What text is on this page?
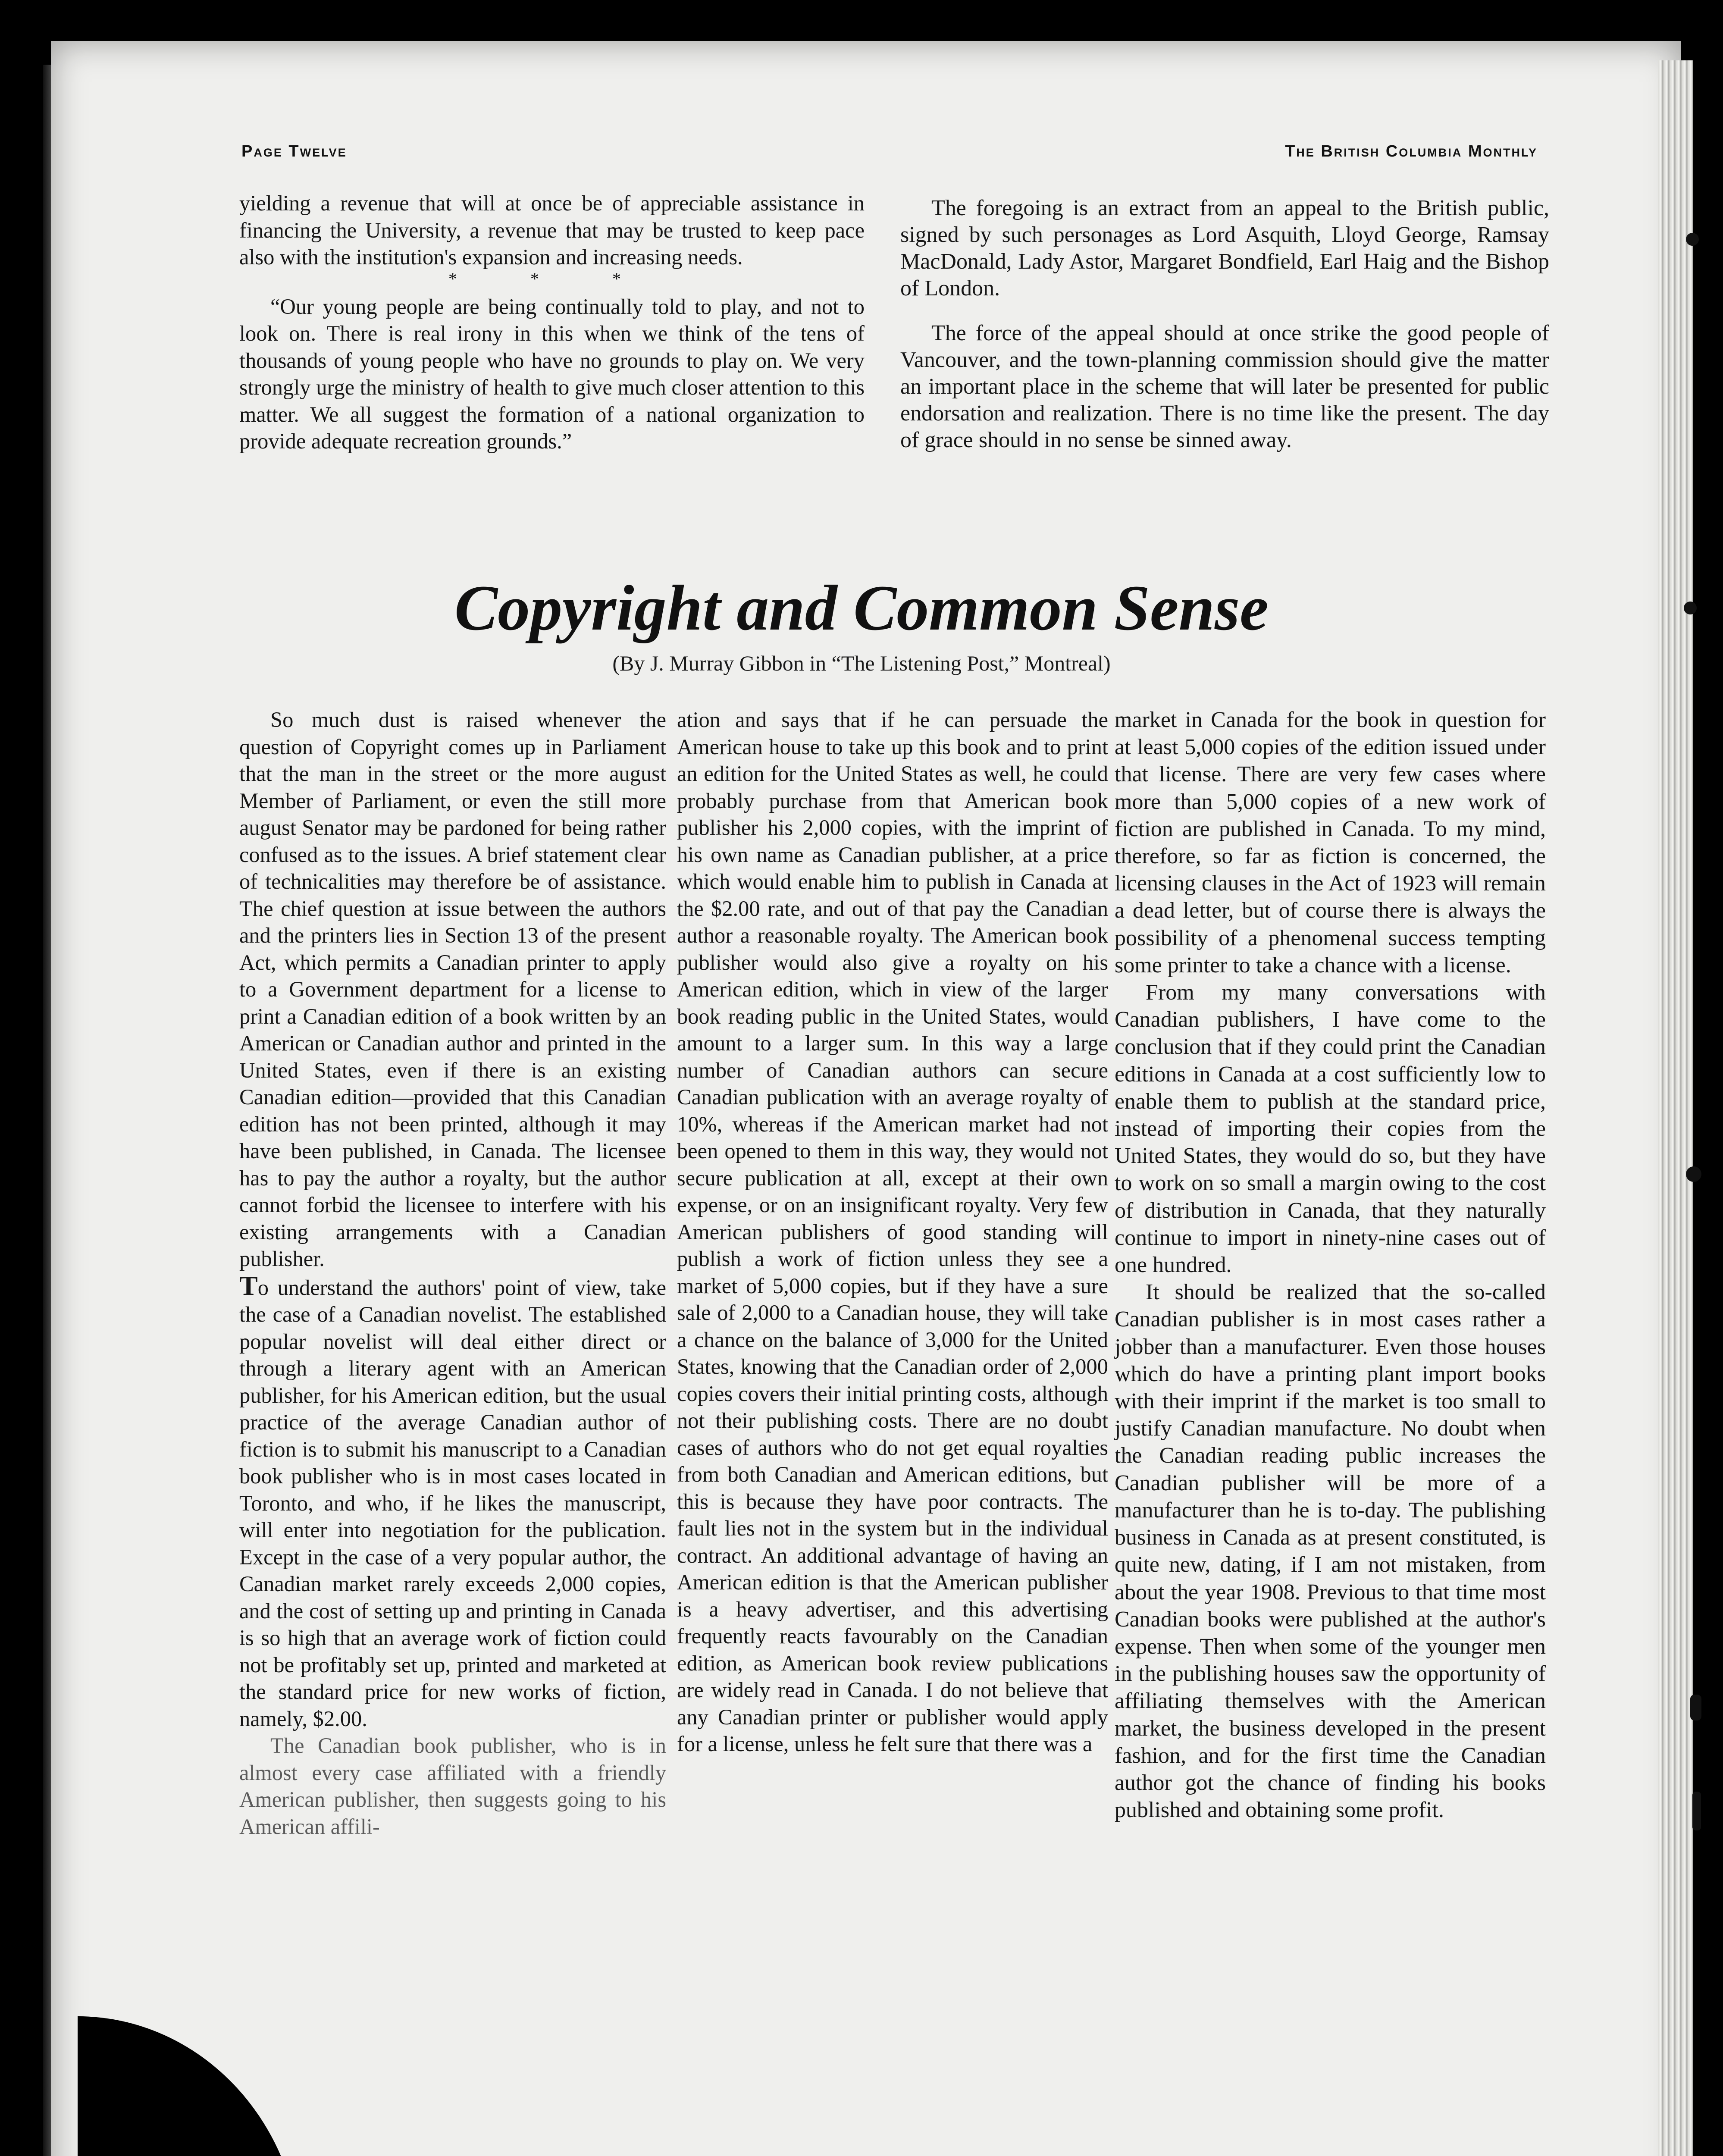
Page Twelve	The British Columbia Monthly

yielding a revenue that will at once be of appreciable assistance in financing the University, a revenue that may be trusted to keep pace also with the institution's expansion and increasing needs.

* * *

“Our young people are being continually told to play, and not to look on. There is real irony in this when we think of the tens of thousands of young people who have no grounds to play on. We very strongly urge the ministry of health to give much closer attention to this matter. We all suggest the formation of a national organization to provide adequate recreation grounds.”

The foregoing is an extract from an appeal to the British public, signed by such personages as Lord Asquith, Lloyd George, Ramsay MacDonald, Lady Astor, Margaret Bondfield, Earl Haig and the Bishop of London.

The force of the appeal should at once strike the good people of Vancouver, and the town-planning commission should give the matter an important place in the scheme that will later be presented for public endorsation and realization. There is no time like the present. The day of grace should in no sense be sinned away.

Copyright and Common Sense

(By J. Murray Gibbon in “The Listening Post,” Montreal)

So much dust is raised whenever the question of Copyright comes up in Parliament that the man in the street or the more august Member of Parliament, or even the still more august Senator may be pardoned for being rather confused as to the issues. A brief statement clear of technicalities may therefore be of assistance. The chief question at issue between the authors and the printers lies in Section 13 of the present Act, which permits a Canadian printer to apply to a Government department for a license to print a Canadian edition of a book written by an American or Canadian author and printed in the United States, even if there is an existing Canadian edition—provided that this Canadian edition has not been printed, although it may have been published, in Canada. The licensee has to pay the author a royalty, but the author cannot forbid the licensee to interfere with his existing arrangements with a Canadian publisher.

To understand the authors' point of view, take the case of a Canadian novelist. The established popular novelist will deal either direct or through a literary agent with an American publisher, for his American edition, but the usual practice of the average Canadian author of fiction is to submit his manuscript to a Canadian book publisher who is in most cases located in Toronto, and who, if he likes the manuscript, will enter into negotiation for the publication. Except in the case of a very popular author, the Canadian market rarely exceeds 2,000 copies, and the cost of setting up and printing in Canada is so high that an average work of fiction could not be profitably set up, printed and marketed at the standard price for new works of fiction, namely, $2.00.

The Canadian book publisher, who is in almost every case affiliated with a friendly American publisher, then suggests going to his American affili-

ation and says that if he can persuade the American house to take up this book and to print an edition for the United States as well, he could probably purchase from that American book publisher his 2,000 copies, with the imprint of his own name as Canadian publisher, at a price which would enable him to publish in Canada at the $2.00 rate, and out of that pay the Canadian author a reasonable royalty. The American book publisher would also give a royalty on his American edition, which in view of the larger book reading public in the United States, would amount to a larger sum. In this way a large number of Canadian authors can secure Canadian publication with an average royalty of 10%, whereas if the American market had not been opened to them in this way, they would not secure publication at all, except at their own expense, or on an insignificant royalty. Very few American publishers of good standing will publish a work of fiction unless they see a market of 5,000 copies, but if they have a sure sale of 2,000 to a Canadian house, they will take a chance on the balance of 3,000 for the United States, knowing that the Canadian order of 2,000 copies covers their initial printing costs, although not their publishing costs. There are no doubt cases of authors who do not get equal royalties from both Canadian and American editions, but this is because they have poor contracts. The fault lies not in the system but in the individual contract. An additional advantage of having an American edition is that the American publisher is a heavy advertiser, and this advertising frequently reacts favourably on the Canadian edition, as American book review publications are widely read in Canada. I do not believe that any Canadian printer or publisher would apply for a license, unless he felt sure that there was a

market in Canada for the book in question for at least 5,000 copies of the edition issued under that license. There are very few cases where more than 5,000 copies of a new work of fiction are published in Canada. To my mind, therefore, so far as fiction is concerned, the licensing clauses in the Act of 1923 will remain a dead letter, but of course there is always the possibility of a phenomenal success tempting some printer to take a chance with a license.

From my many conversations with Canadian publishers, I have come to the conclusion that if they could print the Canadian editions in Canada at a cost sufficiently low to enable them to publish at the standard price, instead of importing their copies from the United States, they would do so, but they have to work on so small a margin owing to the cost of distribution in Canada, that they naturally continue to import in ninety-nine cases out of one hundred.

It should be realized that the so-called Canadian publisher is in most cases rather a jobber than a manufacturer. Even those houses which do have a printing plant import books with their imprint if the market is too small to justify Canadian manufacture. No doubt when the Canadian reading public increases the Canadian publisher will be more of a manufacturer than he is to-day. The publishing business in Canada as at present constituted, is quite new, dating, if I am not mistaken, from about the year 1908. Previous to that time most Canadian books were published at the author's expense. Then when some of the younger men in the publishing houses saw the opportunity of affiliating themselves with the American market, the business developed in the present fashion, and for the first time the Canadian author got the chance of finding his books published and obtaining some profit.
